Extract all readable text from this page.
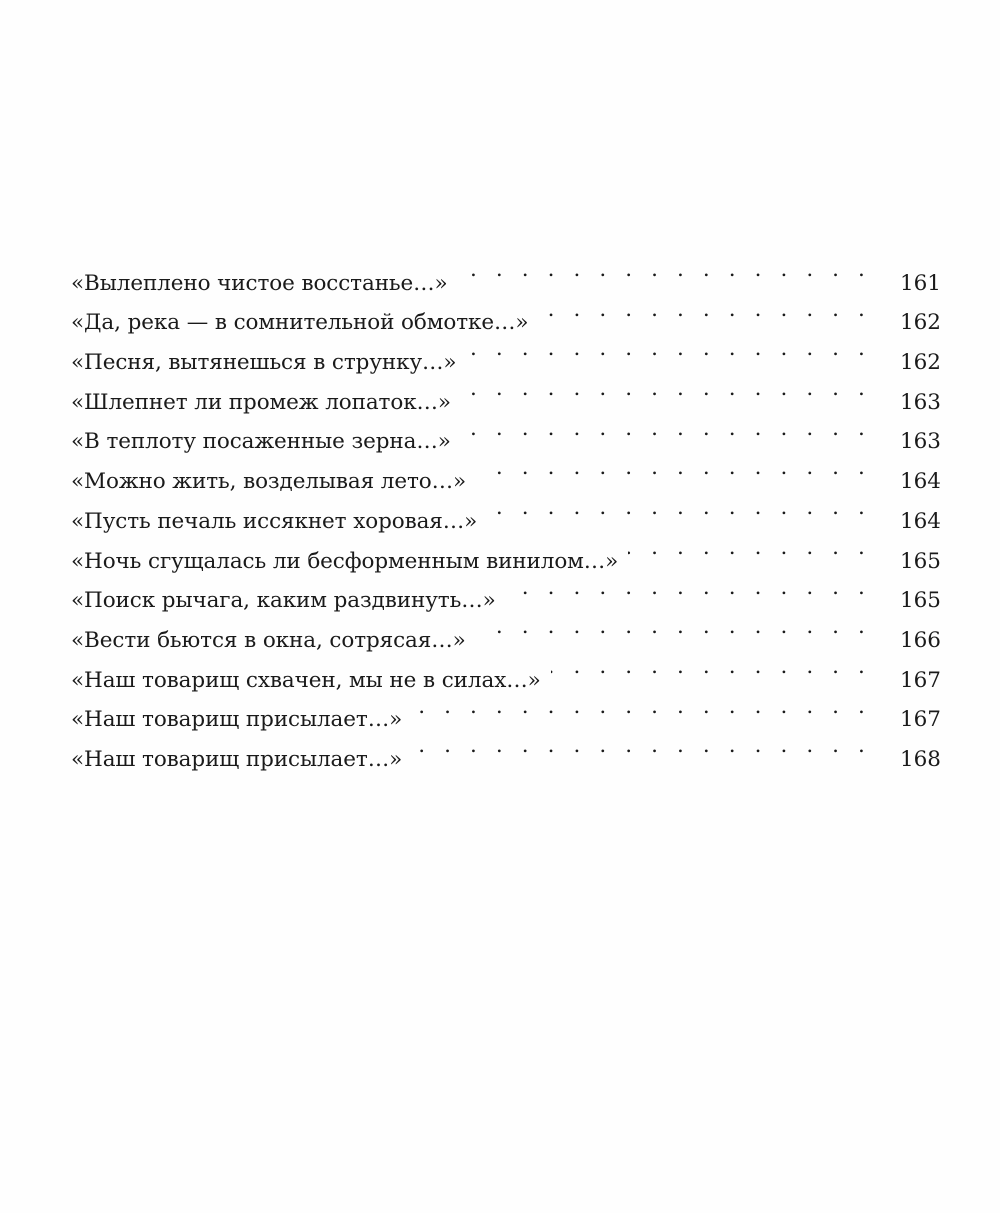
«Вылеплено чистое восстанье…» . . .	161
«Да, река — в сомнительной обмотке…» . . .	162
«Песня, вытянешься в струнку…» . . .	162
«Шлепнет ли промеж лопаток…» . . .	163
«В теплоту посаженные зерна…» . . .	163
«Можно жить, возделывая лето…» . . .	164
«Пусть печаль иссякнет хоровая…» . . .	164
«Ночь сгущалась ли бесформенным винилом…» . . .	165
«Поиск рычага, каким раздвинуть…» . . .	165
«Вести бьются в окна, сотрясая…» . . .	166
«Наш товарищ схвачен, мы не в силах…» . . .	167
«Наш товарищ присылает…» . . .	167
«Наш товарищ присылает…» . . .	168
